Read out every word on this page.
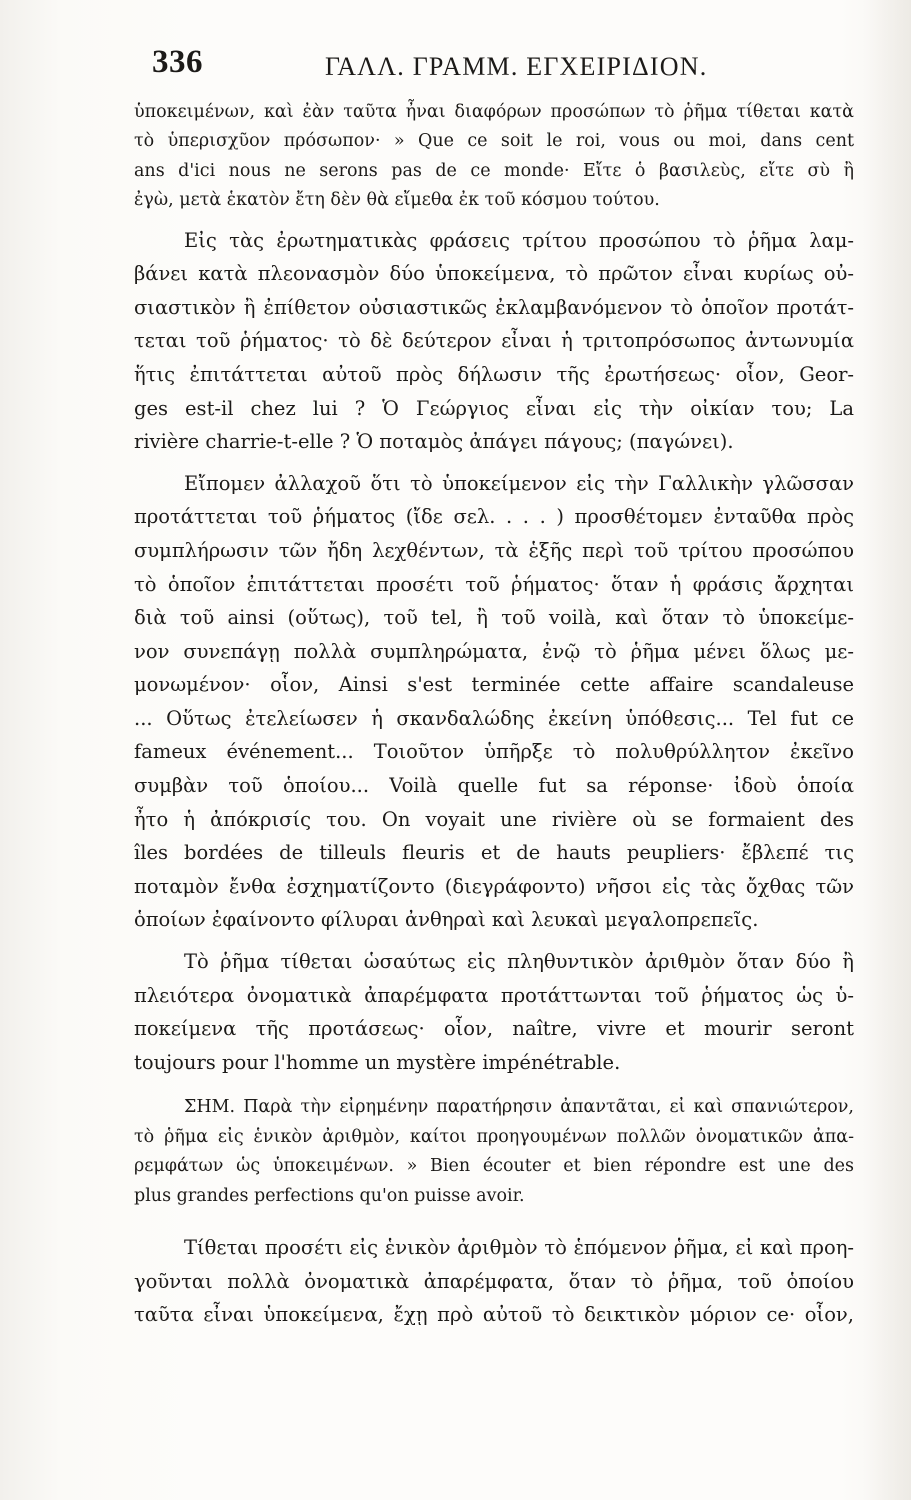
336	ΓΑΛΛ. ΓΡΑΜΜ. ΕΓΧΕΙΡΙΔΙΟΝ.
ὑποκειμένων, καὶ ἐὰν ταῦτα ἦναι διαφόρων προσώπων τὸ ῥῆμα τίθεται κατὰ
τὸ ὑπερισχῦον πρόσωπον· » Que ce soit le roi, vous ou moi, dans cent
ans d'ici nous ne serons pas de ce monde· Εἴτε ὁ βασιλεὺς, εἴτε σὺ ἢ
ἐγὼ, μετὰ ἑκατὸν ἔτη δὲν θὰ εἴμεθα ἐκ τοῦ κόσμου τούτου.
Εἰς τὰς ἐρωτηματικὰς φράσεις τρίτου προσώπου τὸ ῥῆμα λαμ-
βάνει κατὰ πλεονασμὸν δύο ὑποκείμενα, τὸ πρῶτον εἶναι κυρίως οὐ-
σιαστικὸν ἢ ἐπίθετον οὐσιαστικῶς ἐκλαμβανόμενον τὸ ὁποῖον προτάτ-
τεται τοῦ ῥήματος· τὸ δὲ δεύτερον εἶναι ἡ τριτοπρόσωπος ἀντωνυμία
ἥτις ἐπιτάττεται αὐτοῦ πρὸς δήλωσιν τῆς ἐρωτήσεως· οἷον, Geor-
ges est-il chez lui ? Ὁ Γεώργιος εἶναι εἰς τὴν οἰκίαν του; La
rivière charrie-t-elle ? Ὁ ποταμὸς ἀπάγει πάγους; (παγώνει).
Εἴπομεν ἀλλαχοῦ ὅτι τὸ ὑποκείμενον εἰς τὴν Γαλλικὴν γλῶσσαν
προτάττεται τοῦ ῥήματος (ἴδε σελ. . . . ) προσθέτομεν ἐνταῦθα πρὸς
συμπλήρωσιν τῶν ἤδη λεχθέντων, τὰ ἑξῆς περὶ τοῦ τρίτου προσώπου
τὸ ὁποῖον ἐπιτάττεται προσέτι τοῦ ῥήματος· ὅταν ἡ φράσις ἄρχηται
διὰ τοῦ ainsi (οὕτως), τοῦ tel, ἢ τοῦ voilà, καὶ ὅταν τὸ ὑποκείμε-
νον συνεπάγῃ πολλὰ συμπληρώματα, ἐνῷ τὸ ῥῆμα μένει ὅλως με-
μονωμένον· οἷον, Ainsi s'est terminée cette affaire scandaleuse
... Οὕτως ἐτελείωσεν ἡ σκανδαλώδης ἐκείνη ὑπόθεσις... Tel fut ce
fameux événement... Τοιοῦτον ὑπῆρξε τὸ πολυθρύλλητον ἐκεῖνο
συμβὰν τοῦ ὁποίου... Voilà quelle fut sa réponse· ἰδοὺ ὁποία
ἦτο ἡ ἀπόκρισίς του. On voyait une rivière où se formaient des
îles bordées de tilleuls fleuris et de hauts peupliers· ἔβλεπέ τις
ποταμὸν ἔνθα ἐσχηματίζοντο (διεγράφοντο) νῆσοι εἰς τὰς ὄχθας τῶν
ὁποίων ἐφαίνοντο φίλυραι ἀνθηραὶ καὶ λευκαὶ μεγαλοπρεπεῖς.
Τὸ ῥῆμα τίθεται ὡσαύτως εἰς πληθυντικὸν ἀριθμὸν ὅταν δύο ἢ
πλειότερα ὀνοματικὰ ἀπαρέμφατα προτάττωνται τοῦ ῥήματος ὡς ὑ-
ποκείμενα τῆς προτάσεως· οἷον, naître, vivre et mourir seront
toujours pour l'homme un mystère impénétrable.
ΣΗΜ. Παρὰ τὴν εἰρημένην παρατήρησιν ἀπαντᾶται, εἰ καὶ σπανιώτερον,
τὸ ῥῆμα εἰς ἑνικὸν ἀριθμὸν, καίτοι προηγουμένων πολλῶν ὀνοματικῶν ἀπα-
ρεμφάτων ὡς ὑποκειμένων. » Bien écouter et bien répondre est une des
plus grandes perfections qu'on puisse avoir.
Τίθεται προσέτι εἰς ἑνικὸν ἀριθμὸν τὸ ἑπόμενον ῥῆμα, εἰ καὶ προη-
γοῦνται πολλὰ ὀνοματικὰ ἀπαρέμφατα, ὅταν τὸ ῥῆμα, τοῦ ὁποίου
ταῦτα εἶναι ὑποκείμενα, ἔχῃ πρὸ αὐτοῦ τὸ δεικτικὸν μόριον ce· οἷον,
